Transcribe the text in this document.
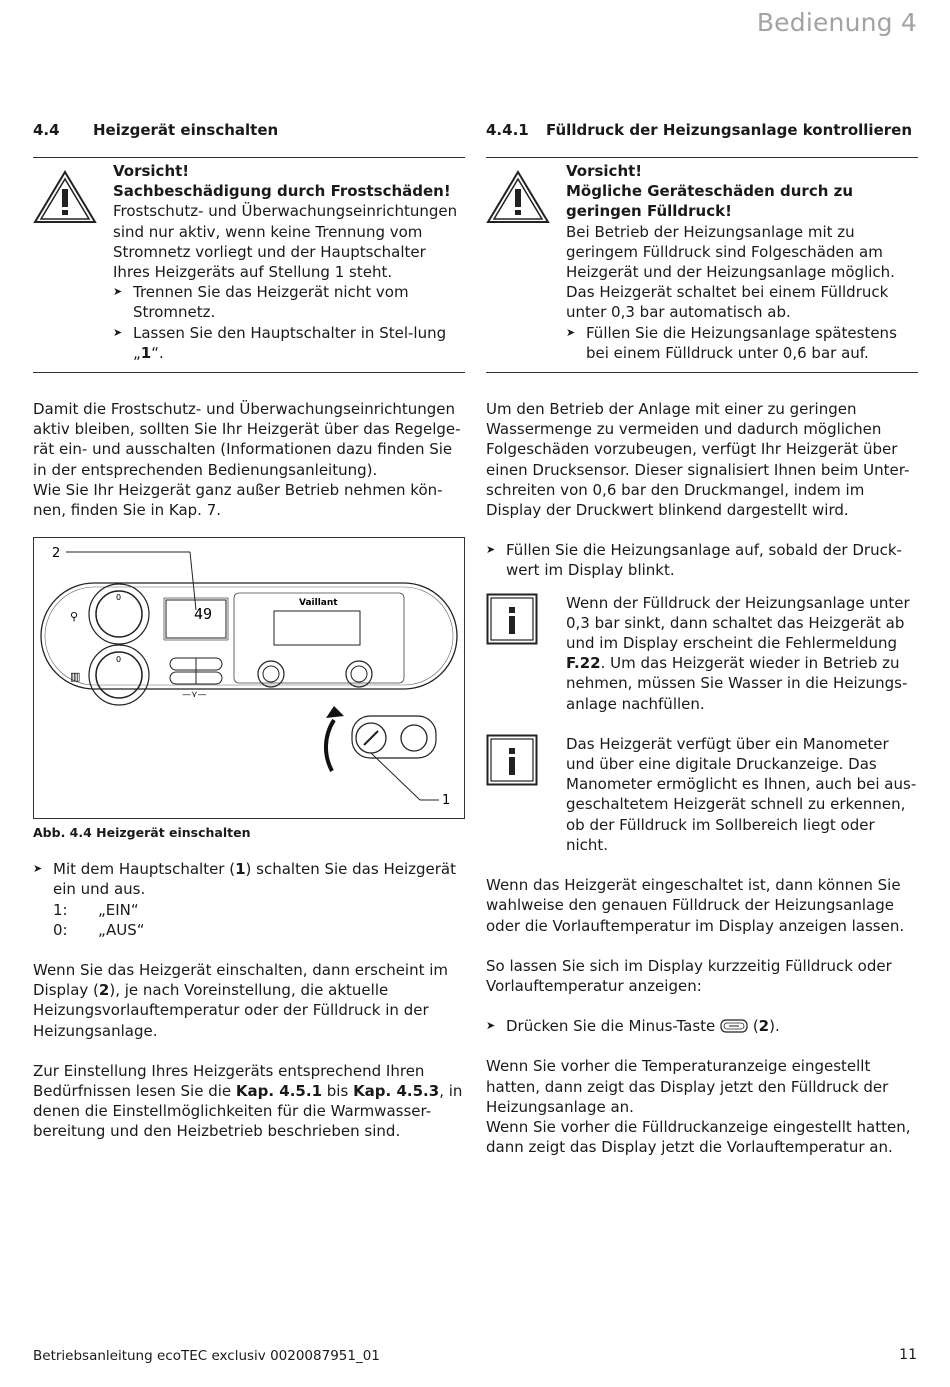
Bedienung 4
4.4	Heizgerät einschalten
Vorsicht!
Sachbeschädigung durch Frostschäden!
Frostschutz- und Überwachungseinrichtungen sind nur aktiv, wenn keine Trennung vom Stromnetz vorliegt und der Hauptschalter Ihres Heizgeräts auf Stellung 1 steht.
➤ Trennen Sie das Heizgerät nicht vom Stromnetz.
➤ Lassen Sie den Hauptschalter in Stel-lung „1“.

Damit die Frostschutz- und Überwachungseinrichtungen aktiv bleiben, sollten Sie Ihr Heizgerät über das Regelge-rät ein- und ausschalten (Informationen dazu finden Sie in der entsprechenden Bedienungsanleitung).

Wie Sie Ihr Heizgerät ganz außer Betrieb nehmen kön-nen, finden Sie in Kap. 7.

2
0
0
⚲
▥
49
—⋎—
Vaillant
1
Abb. 4.4 Heizgerät einschalten
➤ Mit dem Hauptschalter (1) schalten Sie das Heizgerät ein und aus.
1:	„EIN“
0:	„AUS“

Wenn Sie das Heizgerät einschalten, dann erscheint im Display (2), je nach Voreinstellung, die aktuelle Heizungsvorlauftemperatur oder der Fülldruck in der Heizungsanlage.

Zur Einstellung Ihres Heizgeräts entsprechend Ihren Bedürfnissen lesen Sie die Kap. 4.5.1 bis Kap. 4.5.3, in denen die Einstellmöglichkeiten für die Warmwasser-bereitung und den Heizbetrieb beschrieben sind.

4.4.1	Fülldruck der Heizungsanlage kontrollieren
Vorsicht!
Mögliche Geräteschäden durch zu geringen Fülldruck!
Bei Betrieb der Heizungsanlage mit zu geringem Fülldruck sind Folgeschäden am Heizgerät und der Heizungsanlage möglich. Das Heizgerät schaltet bei einem Fülldruck unter 0,3 bar automatisch ab.
➤ Füllen Sie die Heizungsanlage spätestens bei einem Fülldruck unter 0,6 bar auf.

Um den Betrieb der Anlage mit einer zu geringen Wassermenge zu vermeiden und dadurch möglichen Folgeschäden vorzubeugen, verfügt Ihr Heizgerät über einen Drucksensor. Dieser signalisiert Ihnen beim Unter-schreiten von 0,6 bar den Druckmangel, indem im Display der Druckwert blinkend dargestellt wird.

➤ Füllen Sie die Heizungsanlage auf, sobald der Druck-wert im Display blinkt.
Wenn der Fülldruck der Heizungsanlage unter 0,3 bar sinkt, dann schaltet das Heizgerät ab und im Display erscheint die Fehlermeldung F.22. Um das Heizgerät wieder in Betrieb zu nehmen, müssen Sie Wasser in die Heizungs-anlage nachfüllen.
Das Heizgerät verfügt über ein Manometer und über eine digitale Druckanzeige. Das Manometer ermöglicht es Ihnen, auch bei aus-geschaltetem Heizgerät schnell zu erkennen, ob der Fülldruck im Sollbereich liegt oder nicht.

Wenn das Heizgerät eingeschaltet ist, dann können Sie wahlweise den genauen Fülldruck der Heizungsanlage oder die Vorlauftemperatur im Display anzeigen lassen.

So lassen Sie sich im Display kurzzeitig Fülldruck oder Vorlauftemperatur anzeigen:

➤ Drücken Sie die Minus-Taste  (2).

Wenn Sie vorher die Temperaturanzeige eingestellt hatten, dann zeigt das Display jetzt den Fülldruck der Heizungsanlage an.

Wenn Sie vorher die Fülldruckanzeige eingestellt hatten, dann zeigt das Display jetzt die Vorlauftemperatur an.

Betriebsanleitung ecoTEC exclusiv 0020087951_01	11
